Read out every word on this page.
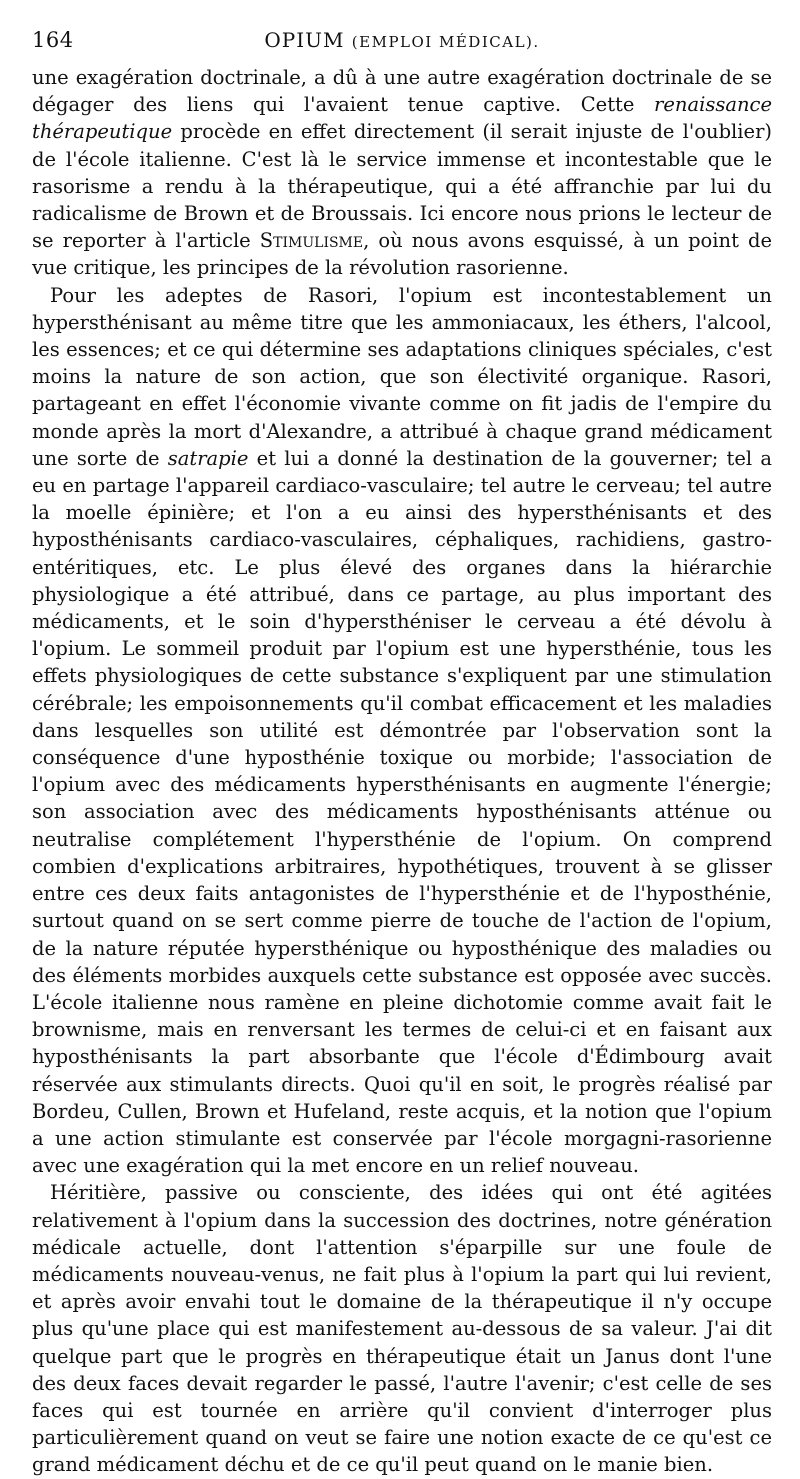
164	OPIUM (EMPLOI MÉDICAL).

une exagération doctrinale, a dû à une autre exagération doctrinale de se dégager des liens qui l'avaient tenue captive. Cette renaissance thérapeutique procède en effet directement (il serait injuste de l'oublier) de l'école italienne. C'est là le service immense et incontestable que le rasorisme a rendu à la thérapeutique, qui a été affranchie par lui du radicalisme de Brown et de Broussais. Ici encore nous prions le lecteur de se reporter à l'article Stimulisme, où nous avons esquissé, à un point de vue critique, les principes de la révolution rasorienne.

Pour les adeptes de Rasori, l'opium est incontestablement un hypersthénisant au même titre que les ammoniacaux, les éthers, l'alcool, les essences; et ce qui détermine ses adaptations cliniques spéciales, c'est moins la nature de son action, que son électivité organique. Rasori, partageant en effet l'économie vivante comme on fit jadis de l'empire du monde après la mort d'Alexandre, a attribué à chaque grand médicament une sorte de satrapie et lui a donné la destination de la gouverner; tel a eu en partage l'appareil cardiaco-vasculaire; tel autre le cerveau; tel autre la moelle épinière; et l'on a eu ainsi des hypersthénisants et des hyposthénisants cardiaco-vasculaires, céphaliques, rachidiens, gastro-entéritiques, etc. Le plus élevé des organes dans la hiérarchie physiologique a été attribué, dans ce partage, au plus important des médicaments, et le soin d'hypersthéniser le cerveau a été dévolu à l'opium. Le sommeil produit par l'opium est une hypersthénie, tous les effets physiologiques de cette substance s'expliquent par une stimulation cérébrale; les empoisonnements qu'il combat efficacement et les maladies dans lesquelles son utilité est démontrée par l'observation sont la conséquence d'une hyposthénie toxique ou morbide; l'association de l'opium avec des médicaments hypersthénisants en augmente l'énergie; son association avec des médicaments hyposthénisants atténue ou neutralise complétement l'hypersthénie de l'opium. On comprend combien d'explications arbitraires, hypothétiques, trouvent à se glisser entre ces deux faits antagonistes de l'hypersthénie et de l'hyposthénie, surtout quand on se sert comme pierre de touche de l'action de l'opium, de la nature réputée hypersthénique ou hyposthénique des maladies ou des éléments morbides auxquels cette substance est opposée avec succès. L'école italienne nous ramène en pleine dichotomie comme avait fait le brownisme, mais en renversant les termes de celui-ci et en faisant aux hyposthénisants la part absorbante que l'école d'Édimbourg avait réservée aux stimulants directs. Quoi qu'il en soit, le progrès réalisé par Bordeu, Cullen, Brown et Hufeland, reste acquis, et la notion que l'opium a une action stimulante est conservée par l'école morgagni-rasorienne avec une exagération qui la met encore en un relief nouveau.

Héritière, passive ou consciente, des idées qui ont été agitées relativement à l'opium dans la succession des doctrines, notre génération médicale actuelle, dont l'attention s'éparpille sur une foule de médicaments nouveau-venus, ne fait plus à l'opium la part qui lui revient, et après avoir envahi tout le domaine de la thérapeutique il n'y occupe plus qu'une place qui est manifestement au-dessous de sa valeur. J'ai dit quelque part que le progrès en thérapeutique était un Janus dont l'une des deux faces devait regarder le passé, l'autre l'avenir; c'est celle de ses faces qui est tournée en arrière qu'il convient d'interroger plus particulièrement quand on veut se faire une notion exacte de ce qu'est ce grand médicament déchu et de ce qu'il peut quand on le manie bien.
